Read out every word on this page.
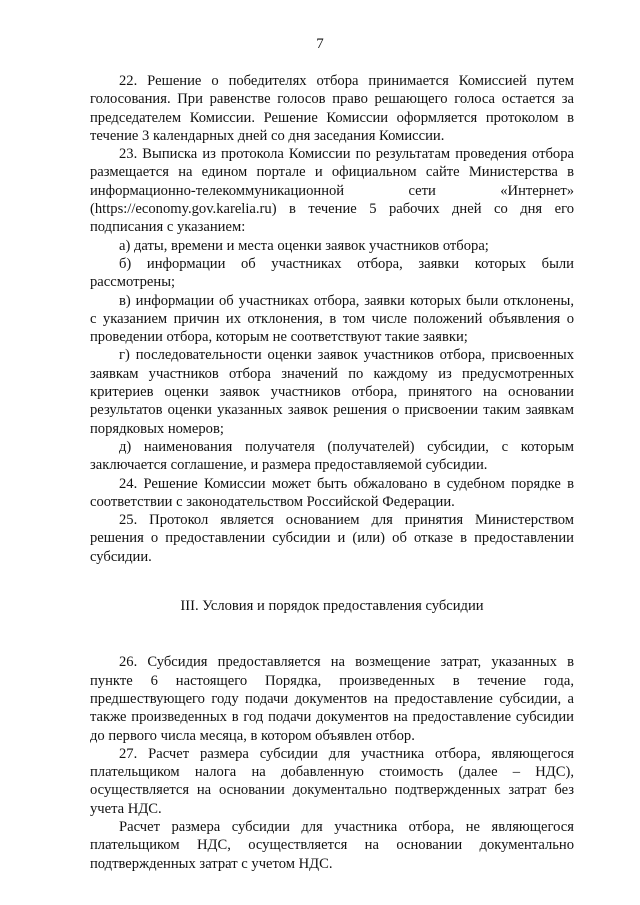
7

22. Решение о победителях отбора принимается Комиссией путем голосования. При равенстве голосов право решающего голоса остается за председателем Комиссии. Решение Комиссии оформляется протоколом в течение 3 календарных дней со дня заседания Комиссии.

23. Выписка из протокола Комиссии по результатам проведения отбора размещается на едином портале и официальном сайте Министерства в информационно-телекоммуникационной сети «Интернет» (https://economy.gov.karelia.ru) в течение 5 рабочих дней со дня его подписания с указанием:

а) даты, времени и места оценки заявок участников отбора;

б) информации об участниках отбора, заявки которых были рассмотрены;

в) информации об участниках отбора, заявки которых были отклонены, с указанием причин их отклонения, в том числе положений объявления о проведении отбора, которым не соответствуют такие заявки;

г) последовательности оценки заявок участников отбора, присвоенных заявкам участников отбора значений по каждому из предусмотренных критериев оценки заявок участников отбора, принятого на основании результатов оценки указанных заявок решения о присвоении таким заявкам порядковых номеров;

д) наименования получателя (получателей) субсидии, с которым заключается соглашение, и размера предоставляемой субсидии.

24. Решение Комиссии может быть обжаловано в судебном порядке в соответствии с законодательством Российской Федерации.

25. Протокол является основанием для принятия Министерством решения о предоставлении субсидии и (или) об отказе в предоставлении субсидии.

III. Условия и порядок предоставления субсидии

26. Субсидия предоставляется на возмещение затрат, указанных в пункте 6 настоящего Порядка, произведенных в течение года, предшествующего году подачи документов на предоставление субсидии, а также произведенных в год подачи документов на предоставление субсидии до первого числа месяца, в котором объявлен отбор.

27. Расчет размера субсидии для участника отбора, являющегося плательщиком налога на добавленную стоимость (далее – НДС), осуществляется на основании документально подтвержденных затрат без учета НДС.

Расчет размера субсидии для участника отбора, не являющегося плательщиком НДС, осуществляется на основании документально подтвержденных затрат с учетом НДС.
